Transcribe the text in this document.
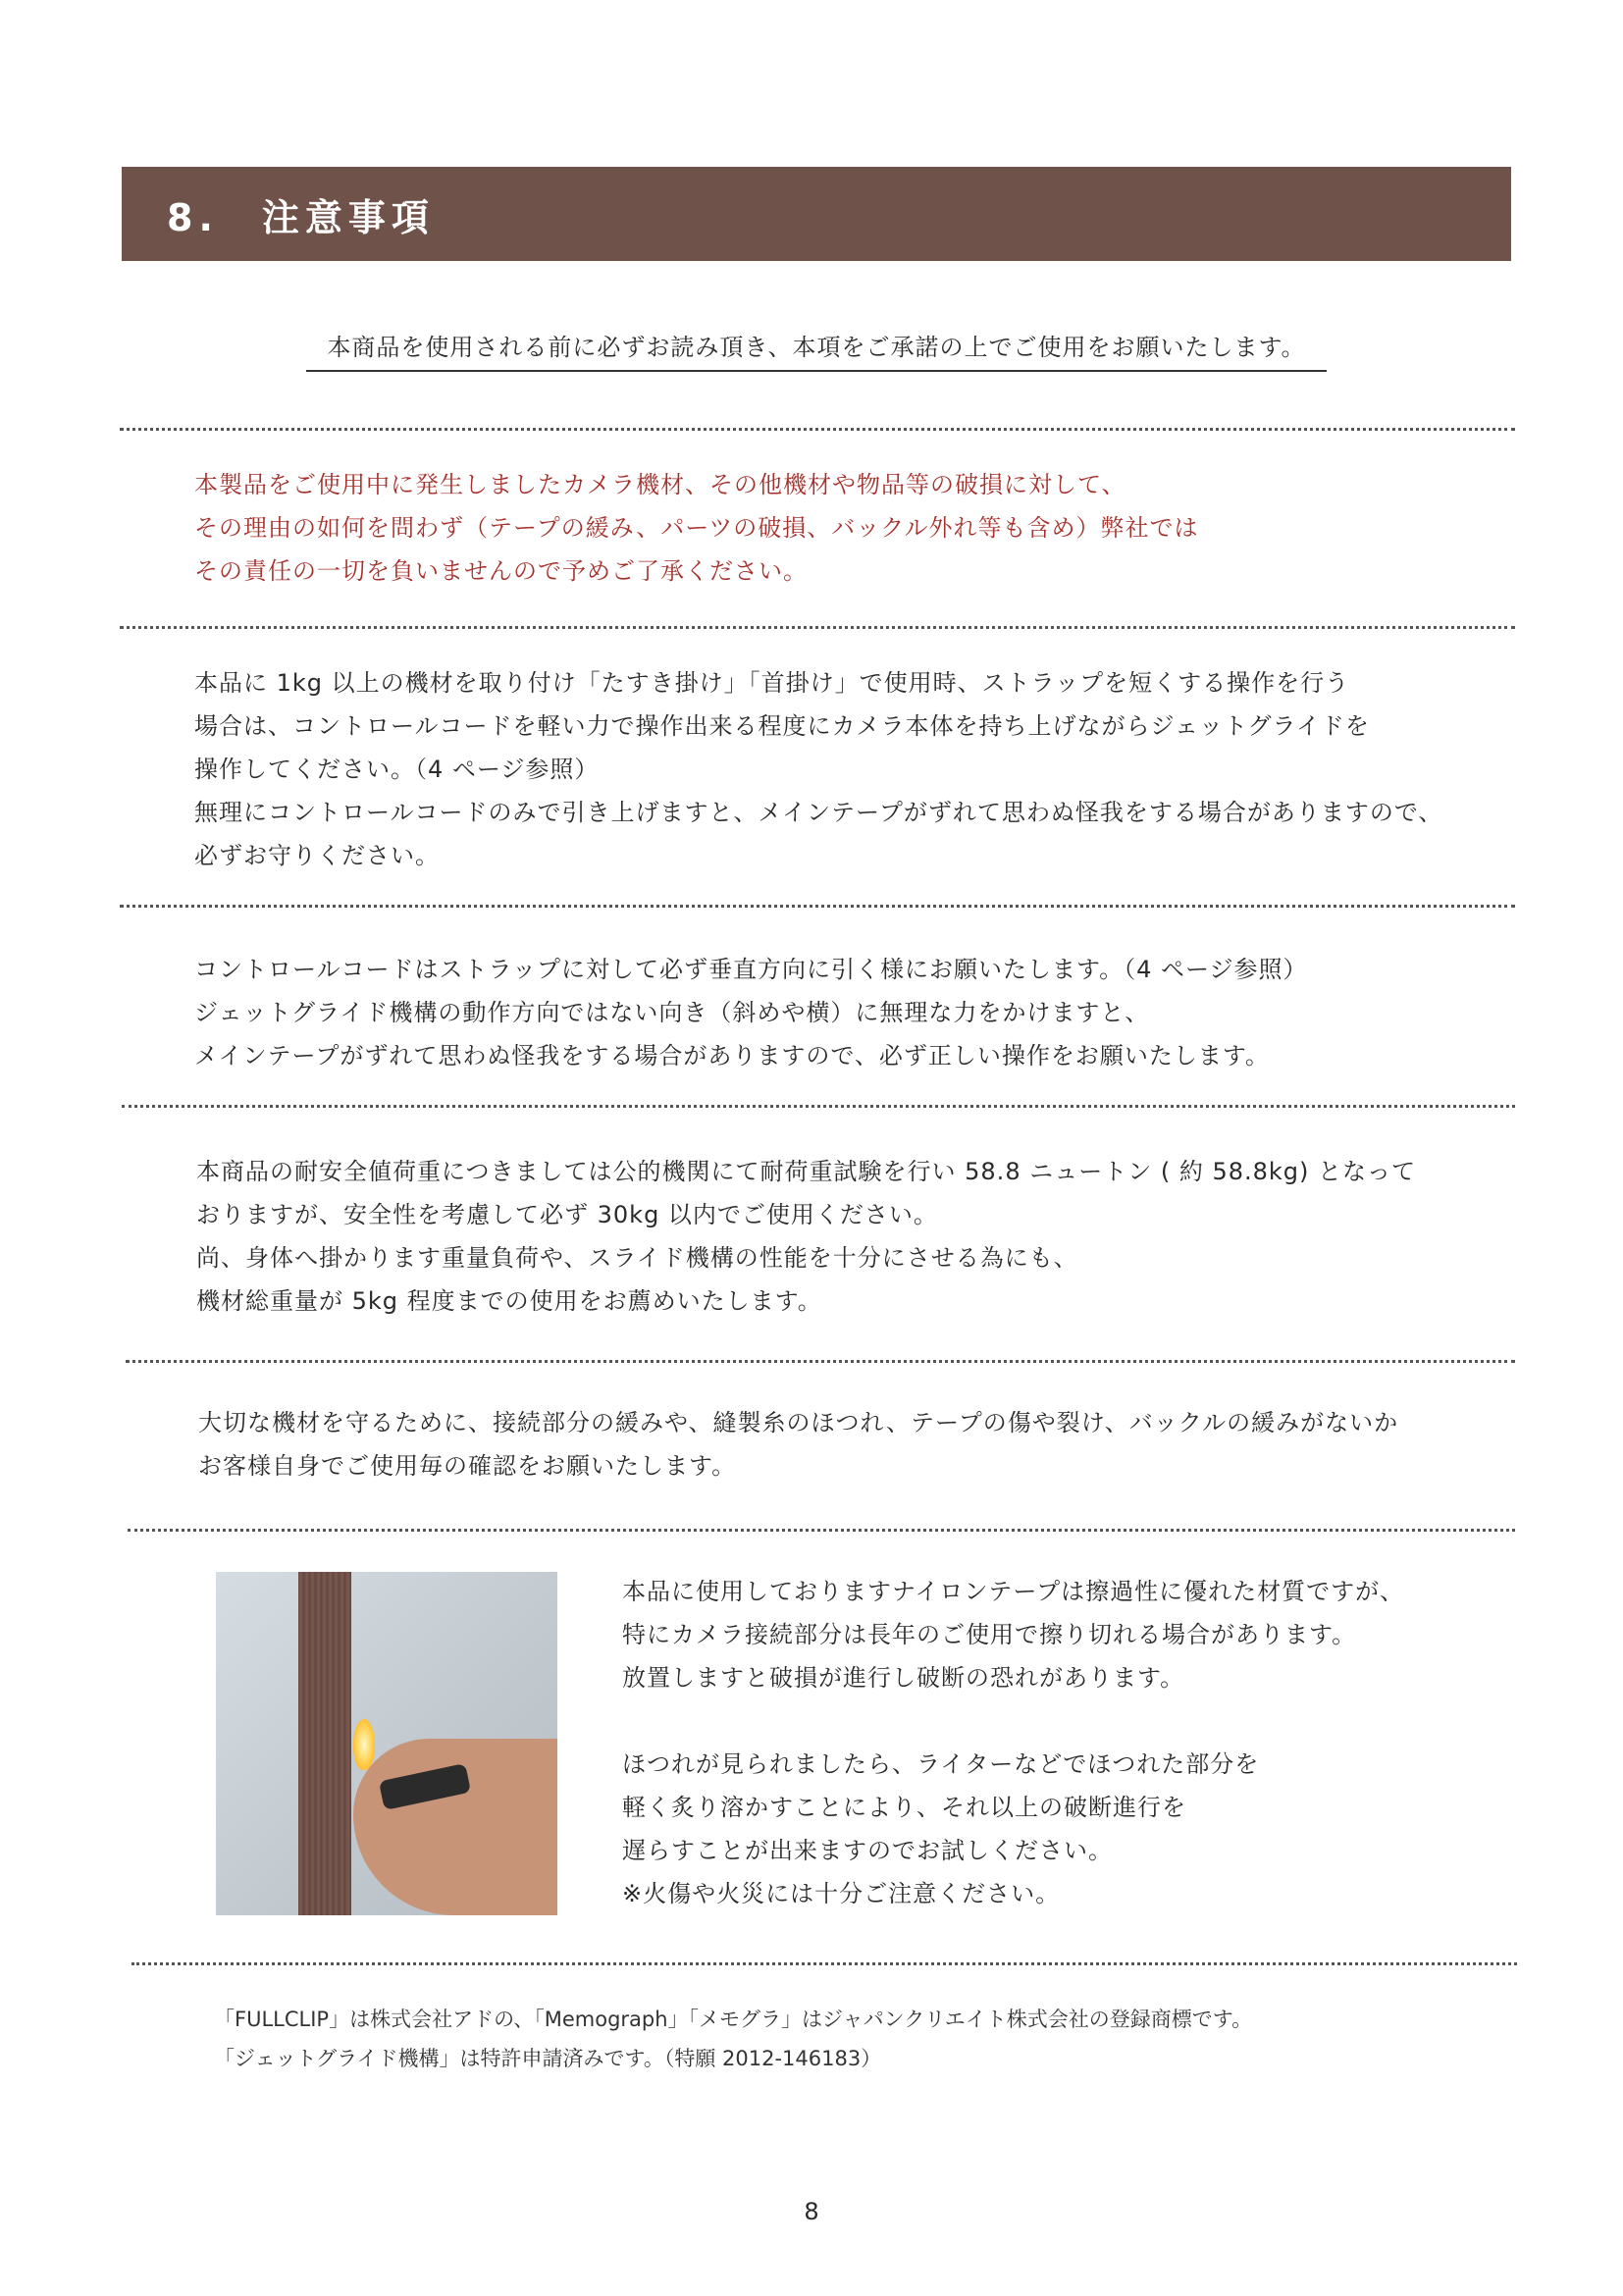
8.　注意事項
本商品を使用される前に必ずお読み頂き、本項をご承諾の上でご使用をお願いたします。

本製品をご使用中に発生しましたカメラ機材、その他機材や物品等の破損に対して、

その理由の如何を問わず（テープの緩み、パーツの破損、バックル外れ等も含め）弊社では

その責任の一切を負いませんので予めご了承ください。

本品に 1kg 以上の機材を取り付け「たすき掛け」「首掛け」で使用時、ストラップを短くする操作を行う

場合は、コントロールコードを軽い力で操作出来る程度にカメラ本体を持ち上げながらジェットグライドを

操作してください。（4 ページ参照）

無理にコントロールコードのみで引き上げますと、メインテープがずれて思わぬ怪我をする場合がありますので、

必ずお守りください。

コントロールコードはストラップに対して必ず垂直方向に引く様にお願いたします。（4 ページ参照）

ジェットグライド機構の動作方向ではない向き（斜めや横）に無理な力をかけますと、

メインテープがずれて思わぬ怪我をする場合がありますので、必ず正しい操作をお願いたします。

本商品の耐安全値荷重につきましては公的機関にて耐荷重試験を行い 58.8 ニュートン ( 約 58.8kg) となって

おりますが、安全性を考慮して必ず 30kg 以内でご使用ください。

尚、身体へ掛かります重量負荷や、スライド機構の性能を十分にさせる為にも、

機材総重量が 5kg 程度までの使用をお薦めいたします。

大切な機材を守るために、接続部分の緩みや、縫製糸のほつれ、テープの傷や裂け、バックルの緩みがないか

お客様自身でご使用毎の確認をお願いたします。

本品に使用しておりますナイロンテープは擦過性に優れた材質ですが、

特にカメラ接続部分は長年のご使用で擦り切れる場合があります。

放置しますと破損が進行し破断の恐れがあります。

ほつれが見られましたら、ライターなどでほつれた部分を

軽く炙り溶かすことにより、それ以上の破断進行を

遅らすことが出来ますのでお試しください。

※火傷や火災には十分ご注意ください。

「FULLCLIP」は株式会社アドの、「Memograph」「メモグラ」はジャパンクリエイト株式会社の登録商標です。

「ジェットグライド機構」は特許申請済みです。（特願 2012-146183）

8
